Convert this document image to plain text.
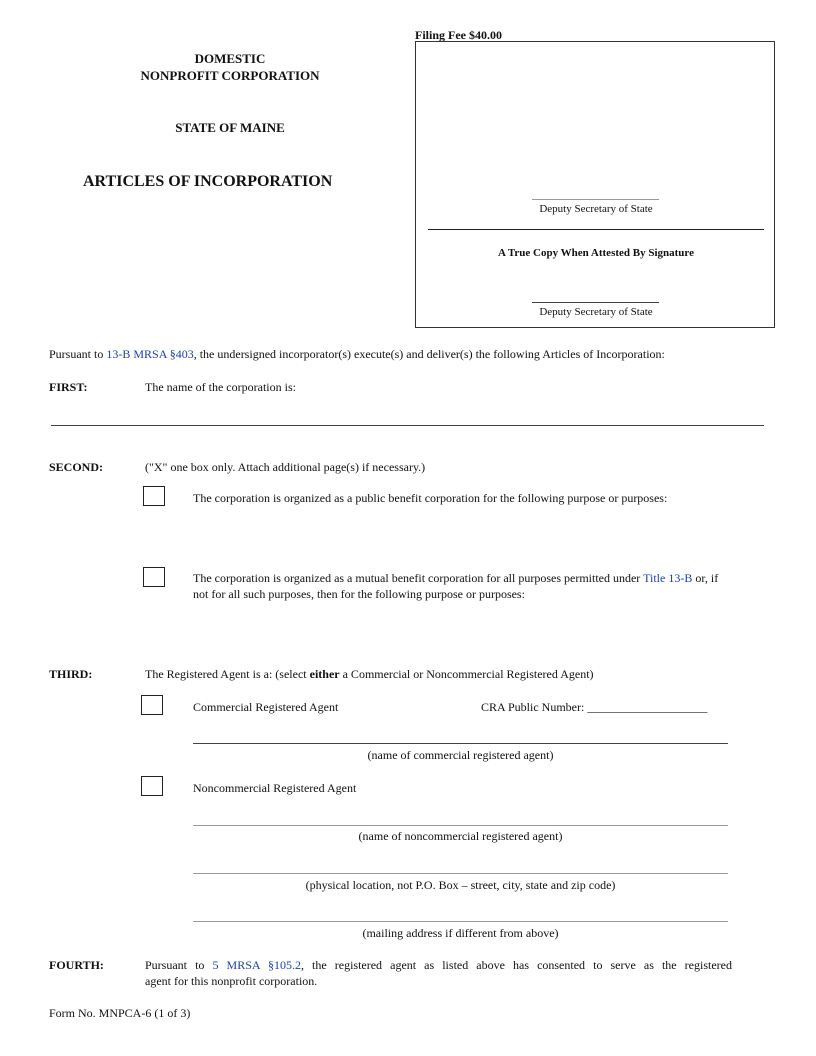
DOMESTIC
NONPROFIT CORPORATION
STATE OF MAINE
ARTICLES OF INCORPORATION
Filing Fee $40.00
Deputy Secretary of State
A True Copy When Attested By Signature
Deputy Secretary of State
Pursuant to 13-B MRSA §403, the undersigned incorporator(s) execute(s) and deliver(s) the following Articles of Incorporation:
FIRST:	The name of the corporation is:
SECOND:	("X" one box only. Attach additional page(s) if necessary.)
The corporation is organized as a public benefit corporation for the following purpose or purposes:
The corporation is organized as a mutual benefit corporation for all purposes permitted under Title 13-B or, if
not for all such purposes, then for the following purpose or purposes:
THIRD:	The Registered Agent is a: (select either a Commercial or Noncommercial Registered Agent)
Commercial Registered Agent	CRA Public Number: ____________________
(name of commercial registered agent)
Noncommercial Registered Agent
(name of noncommercial registered agent)
(physical location, not P.O. Box – street, city, state and zip code)
(mailing address if different from above)
FOURTH:	Pursuant to 5 MRSA §105.2, the registered agent as listed above has consented to serve as the registered
agent for this nonprofit corporation.
Form No. MNPCA-6 (1 of 3)
